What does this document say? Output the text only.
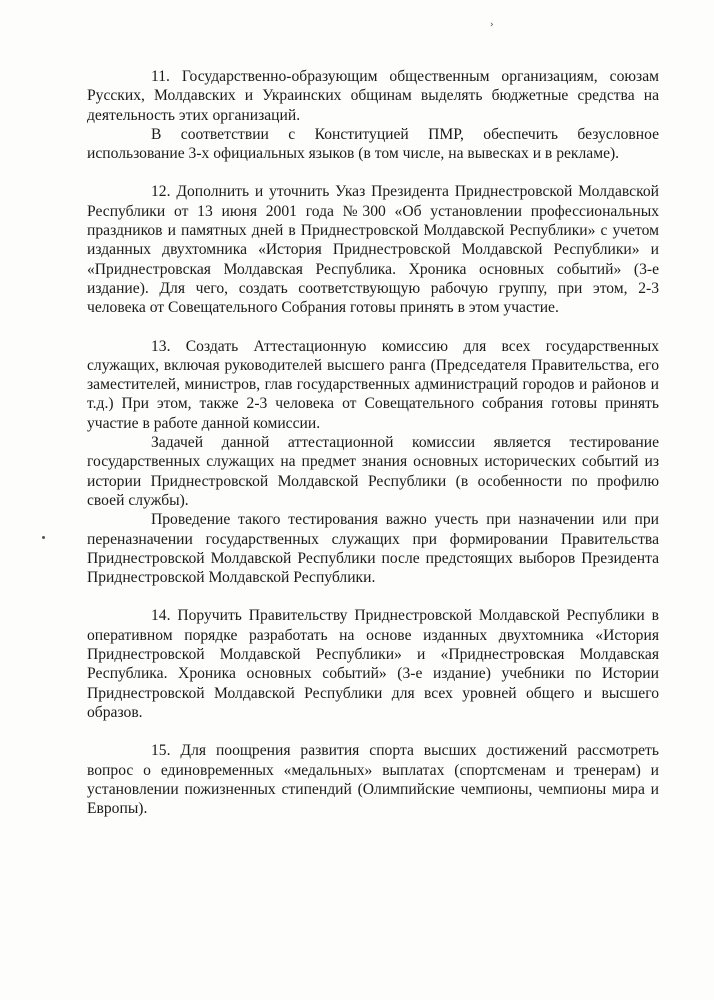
›

11. Государственно-образующим общественным организациям, союзам Русских, Молдавских и Украинских общинам выделять бюджетные средства на деятельность этих организаций.

В соответствии с Конституцией ПМР, обеспечить безусловное использование 3-х официальных языков (в том числе, на вывесках и в рекламе).

12. Дополнить и уточнить Указ Президента Приднестровской Молдавской Республики от 13 июня 2001 года №300 «Об установлении профессиональных праздников и памятных дней в Приднестровской Молдавской Республики» с учетом изданных двухтомника «История Приднестровской Молдавской Республики» и «Приднестровская Молдавская Республика. Хроника основных событий» (3-е издание). Для чего, создать соответствующую рабочую группу, при этом, 2-3 человека от Совещательного Собрания готовы принять в этом участие.

13. Создать Аттестационную комиссию для всех государственных служащих, включая руководителей высшего ранга (Председателя Правительства, его заместителей, министров, глав государственных администраций городов и районов и т.д.) При этом, также 2-3 человека от Совещательного собрания готовы принять участие в работе данной комиссии.

Задачей данной аттестационной комиссии является тестирование государственных служащих на предмет знания основных исторических событий из истории Приднестровской Молдавской Республики (в особенности по профилю своей службы).

Проведение такого тестирования важно учесть при назначении или при переназначении государственных служащих при формировании Правительства Приднестровской Молдавской Республики после предстоящих выборов Президента Приднестровской Молдавской Республики.

14. Поручить Правительству Приднестровской Молдавской Республики в оперативном порядке разработать на основе изданных двухтомника «История Приднестровской Молдавской Республики» и «Приднестровская Молдавская Республика. Хроника основных событий» (3-е издание) учебники по Истории Приднестровской Молдавской Республики для всех уровней общего и высшего образов.

15. Для поощрения развития спорта высших достижений рассмотреть вопрос о единовременных «медальных» выплатах (спортсменам и тренерам) и установлении пожизненных стипендий (Олимпийские чемпионы, чемпионы мира и Европы).
